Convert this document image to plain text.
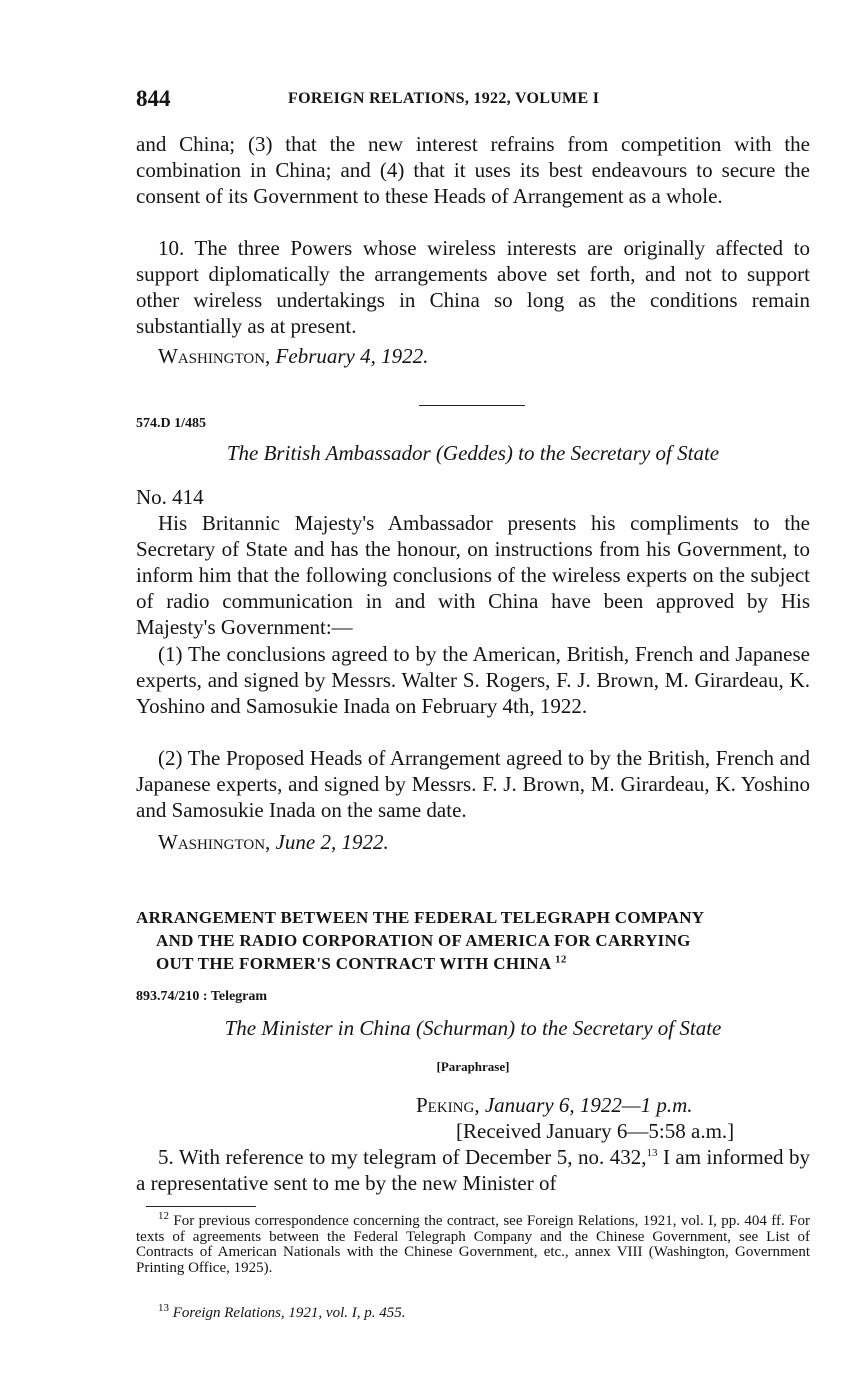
844	FOREIGN RELATIONS, 1922, VOLUME I

and China; (3) that the new interest refrains from competition with the combination in China; and (4) that it uses its best endeavours to secure the consent of its Government to these Heads of Arrangement as a whole.

10. The three Powers whose wireless interests are originally affected to support diplomatically the arrangements above set forth, and not to support other wireless undertakings in China so long as the conditions remain substantially as at present.

Washington, February 4, 1922.

574.D 1/485

The British Ambassador (Geddes) to the Secretary of State

No. 414

His Britannic Majesty's Ambassador presents his compliments to the Secretary of State and has the honour, on instructions from his Government, to inform him that the following conclusions of the wireless experts on the subject of radio communication in and with China have been approved by His Majesty's Government:—

(1) The conclusions agreed to by the American, British, French and Japanese experts, and signed by Messrs. Walter S. Rogers, F. J. Brown, M. Girardeau, K. Yoshino and Samosukie Inada on February 4th, 1922.

(2) The Proposed Heads of Arrangement agreed to by the British, French and Japanese experts, and signed by Messrs. F. J. Brown, M. Girardeau, K. Yoshino and Samosukie Inada on the same date.

Washington, June 2, 1922.

ARRANGEMENT BETWEEN THE FEDERAL TELEGRAPH COMPANY
AND THE RADIO CORPORATION OF AMERICA FOR CARRYING
OUT THE FORMER'S CONTRACT WITH CHINA $^{12}$
893.74/210 : Telegram

The Minister in China (Schurman) to the Secretary of State

[Paraphrase]
Peking, January 6, 1922—1 p.m.
[Received January 6—5:58 a.m.]

5. With reference to my telegram of December 5, no. 432,13 I am informed by a representative sent to me by the new Minister of

$^{12}$ For previous correspondence concerning the contract, see Foreign Relations, 1921, vol. I, pp. 404 ff. For texts of agreements between the Federal Telegraph Company and the Chinese Government, see List of Contracts of American Nationals with the Chinese Government, etc., annex VIII (Washington, Government Printing Office, 1925).

$^{13}$ Foreign Relations, 1921, vol. I, p. 455.
